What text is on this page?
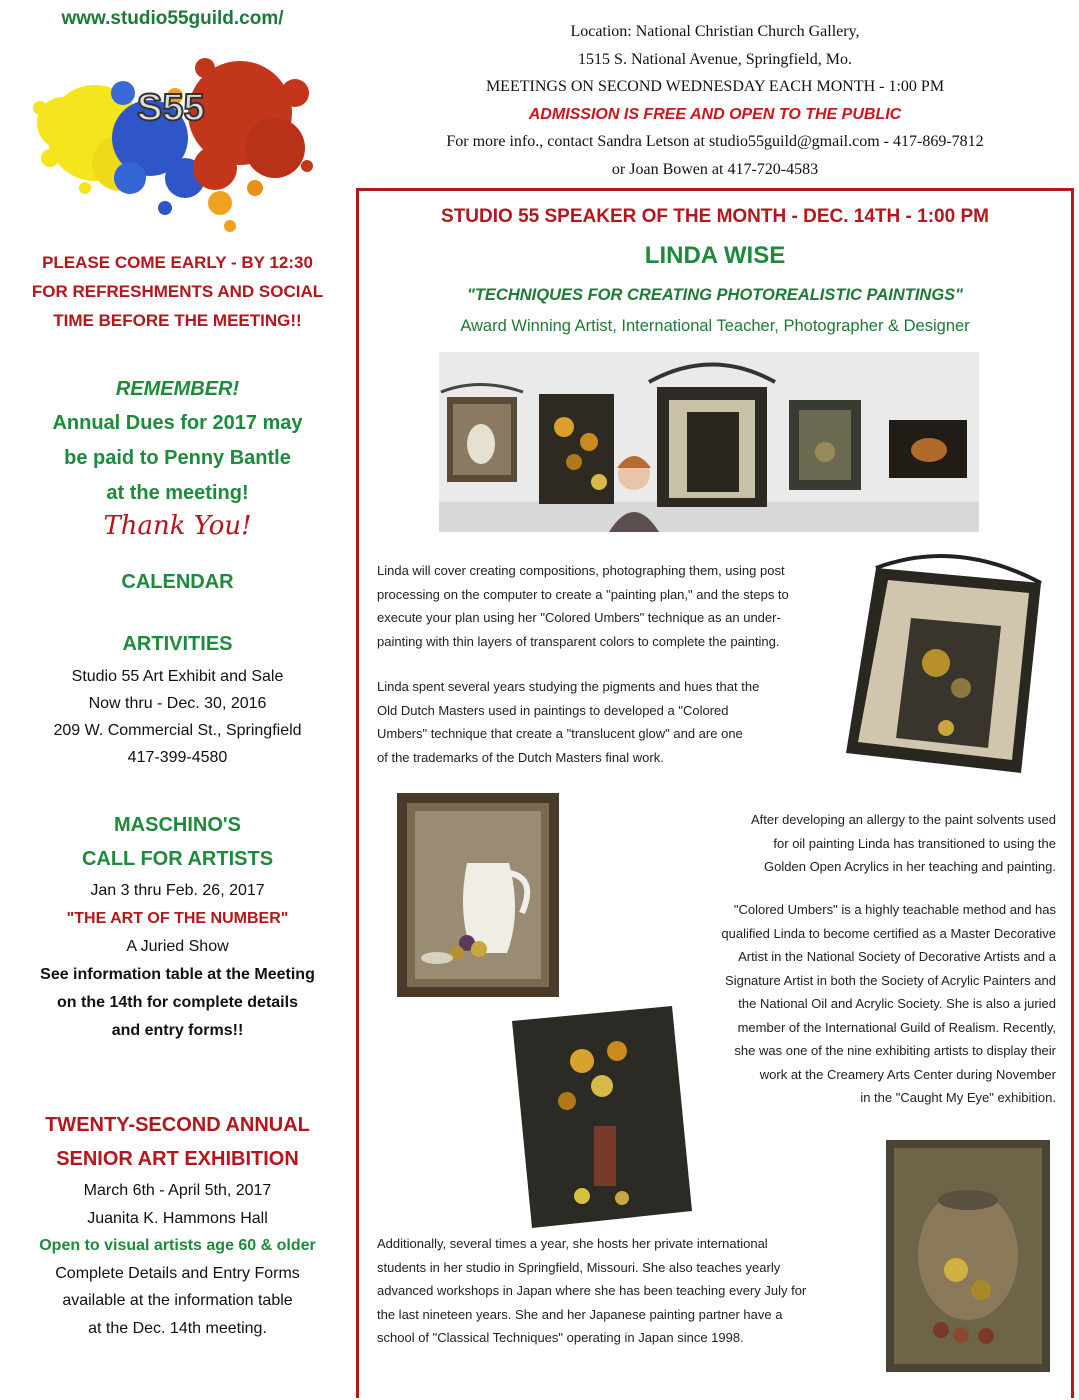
www.studio55guild.com/
S55
PLEASE COME EARLY - BY 12:30
FOR REFRESHMENTS AND SOCIAL
TIME BEFORE THE MEETING!!
REMEMBER!
Annual Dues for 2017 may
be paid to Penny Bantle
at the meeting!
Thank You!
CALENDAR
ARTIVITIES
Studio 55 Art Exhibit and Sale
Now thru - Dec. 30, 2016
209 W. Commercial St., Springfield
417-399-4580
MASCHINO'S
CALL FOR ARTISTS
Jan 3 thru Feb. 26, 2017
"THE ART OF THE NUMBER"
A Juried Show
See information table at the Meeting
on the 14th for complete details
and entry forms!!
TWENTY-SECOND ANNUAL
SENIOR ART EXHIBITION
March 6th - April 5th, 2017
Juanita K. Hammons Hall
Open to visual artists age 60 & older
Complete Details and Entry Forms
available at the information table
at the Dec. 14th meeting.
Location: National Christian Church Gallery,
1515 S. National Avenue, Springfield, Mo.
MEETINGS ON SECOND WEDNESDAY EACH MONTH - 1:00 PM
ADMISSION IS FREE AND OPEN TO THE PUBLIC
For more info., contact Sandra Letson at studio55guild@gmail.com - 417-869-7812
or Joan Bowen at 417-720-4583
STUDIO 55 SPEAKER OF THE MONTH - DEC. 14TH - 1:00 PM
LINDA WISE
"TECHNIQUES FOR CREATING PHOTOREALISTIC PAINTINGS"
Award Winning Artist, International Teacher, Photographer & Designer
Linda will cover creating compositions, photographing them, using post
processing on the computer to create a "painting plan," and the steps to
execute your plan using her "Colored Umbers" technique as an under-
painting with thin layers of transparent colors to complete the painting.
Linda spent several years studying the pigments and hues that the
Old Dutch Masters used in paintings to developed a "Colored
Umbers" technique that create a "translucent glow" and are one
of the trademarks of the Dutch Masters final work.
After developing an allergy to the paint solvents used
for oil painting Linda has transitioned to using the
Golden Open Acrylics in her teaching and painting.
"Colored Umbers" is a highly teachable method and has
qualified Linda to become certified as a Master Decorative
Artist in the National Society of Decorative Artists and a
Signature Artist in both the Society of Acrylic Painters and
the National Oil and Acrylic Society. She is also a juried
member of the International Guild of Realism. Recently,
she was one of the nine exhibiting artists to display their
work at the Creamery Arts Center during November
in the "Caught My Eye" exhibition.
Additionally, several times a year, she hosts her private international
students in her studio in Springfield, Missouri. She also teaches yearly
advanced workshops in Japan where she has been teaching every July for
the last nineteen years. She and her Japanese painting partner have a
school of "Classical Techniques" operating in Japan since 1998.
